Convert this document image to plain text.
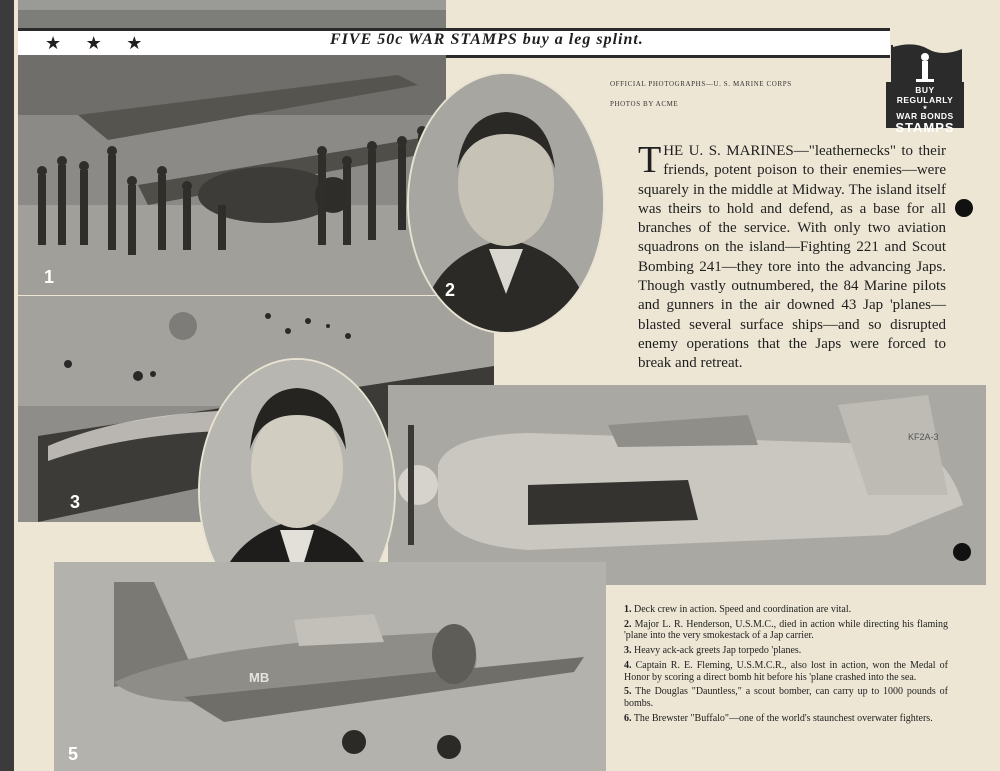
★ ★ ★	FIVE 50c WAR STAMPS buy a leg splint.
BUY REGULARLY
★
WAR BONDS
STAMPS
1
3
2
KF2A-3
MB
5
OFFICIAL PHOTOGRAPHS—U. S. MARINE CORPS
PHOTOS BY ACME
THE U. S. MARINES—"leathernecks" to their friends, potent poison to their enemies—were squarely in the middle at Midway. The island itself was theirs to hold and defend, as a base for all branches of the service. With only two aviation squadrons on the island—Fighting 221 and Scout Bombing 241—they tore into the advancing Japs. Though vastly outnumbered, the 84 Marine pilots and gunners in the air downed 43 Jap 'planes—blasted several surface ships—and so disrupted enemy operations that the Japs were forced to break and retreat.

1. Deck crew in action. Speed and coordination are vital.

2. Major L. R. Henderson, U.S.M.C., died in action while directing his flaming 'plane into the very smokestack of a Jap carrier.

3. Heavy ack-ack greets Jap torpedo 'planes.

4. Captain R. E. Fleming, U.S.M.C.R., also lost in action, won the Medal of Honor by scoring a direct bomb hit before his 'plane crashed into the sea.

5. The Douglas "Dauntless," a scout bomber, can carry up to 1000 pounds of bombs.

6. The Brewster "Buffalo"—one of the world's staunchest overwater fighters.
